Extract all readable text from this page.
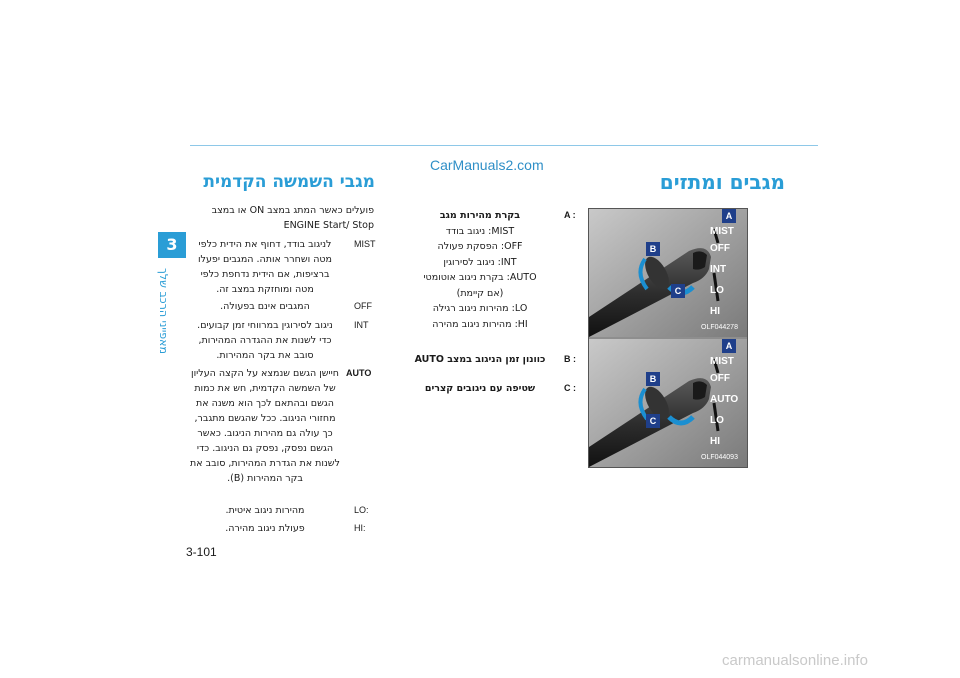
CarManuals2.com
3
מאפייני הרכב שלך
מגבי השמשה הקדמית
פועלים כאשר המתג במצב ON או במצב ENGINE Start/ Stop
MIST
לניגוב בודד, דחוף את הידית כלפי מטה ושחרר אותה. המגבים יפעלו ברציפות, אם הידית נדחפת כלפי מטה ומוחזקת במצב זה.
OFF
המגבים אינם בפעולה.
INT
ניגוב לסירוגין במרווחי זמן קבועים. כדי לשנות את ההגדרה המהירות, סובב את בקר המהירות.
AUTO
חיישן הגשם שנמצא על הקצה העליון של השמשה הקדמית, חש את כמות הגשם ובהתאם לכך הוא משנה את מחזורי הניגוב. ככל שהגשם מתגבר, כך עולה גם מהירות הניגוב. כאשר הגשם נפסק, נפסק גם הניגוב. כדי לשנות את הגדרת המהירות, סובב את בקר המהירות (B).
LO:
מהירות ניגוב איטית.
HI:
פעולת ניגוב מהירה.
מגבים ומתזים
A :
בקרת מהירות מגב
MIST: ניגוב בודד
OFF: הפסקת פעולה
INT: ניגוב לסירוגין
AUTO: בקרת ניגוב אוטומטי
(אם קיימת)
LO: מהירות ניגוב רגילה
HI: מהירות ניגוב מהירה
B :
כוונון זמן הניגוב במצב AUTO
C :
שטיפה עם ניגובים קצרים
A
B
C
A
B
C
MIST
OFF
INT
LO
HI
OLF044278
MIST
OFF
AUTO
LO
HI
OLF044093
3-101
carmanualsonline.info
